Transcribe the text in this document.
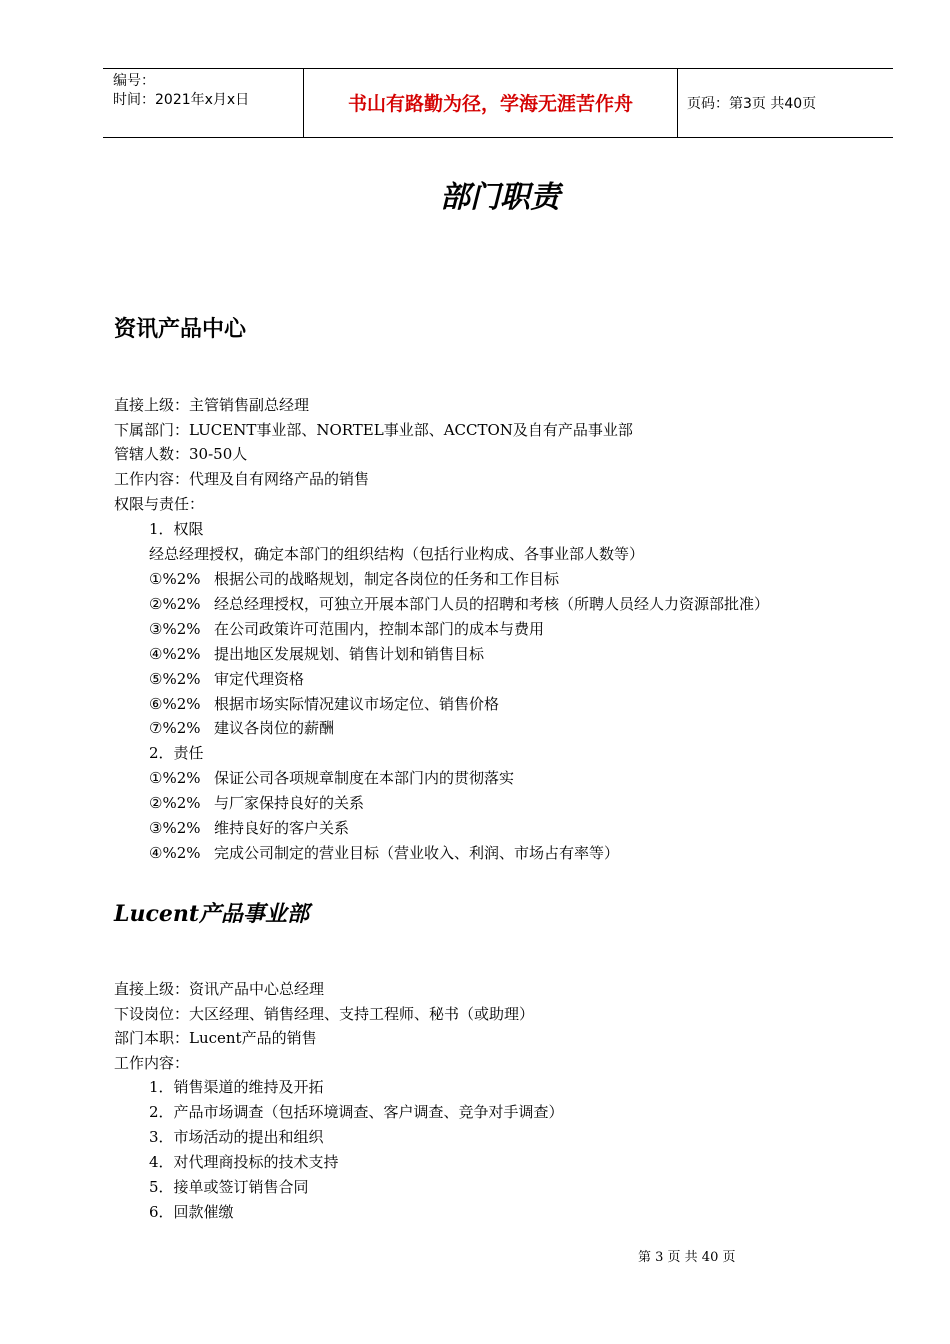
编号：
时间：2021年x月x日	书山有路勤为径，学海无涯苦作舟	页码：第3页 共40页
部门职责
资讯产品中心
直接上级：主管销售副总经理
下属部门：LUCENT事业部、NORTEL事业部、ACCTON及自有产品事业部
管辖人数：30-50人
工作内容：代理及自有网络产品的销售
权限与责任：
1．权限
经总经理授权，确定本部门的组织结构（包括行业构成、各事业部人数等）
①%2% 根据公司的战略规划，制定各岗位的任务和工作目标
②%2% 经总经理授权，可独立开展本部门人员的招聘和考核（所聘人员经人力资源部批准）
③%2% 在公司政策许可范围内，控制本部门的成本与费用
④%2% 提出地区发展规划、销售计划和销售目标
⑤%2% 审定代理资格
⑥%2% 根据市场实际情况建议市场定位、销售价格
⑦%2% 建议各岗位的薪酬
2．责任
①%2% 保证公司各项规章制度在本部门内的贯彻落实
②%2% 与厂家保持良好的关系
③%2% 维持良好的客户关系
④%2% 完成公司制定的营业目标（营业收入、利润、市场占有率等）
Lucent产品事业部
直接上级：资讯产品中心总经理
下设岗位：大区经理、销售经理、支持工程师、秘书（或助理）
部门本职：Lucent产品的销售
工作内容：
1．销售渠道的维持及开拓
2．产品市场调查（包括环境调查、客户调查、竞争对手调查）
3．市场活动的提出和组织
4．对代理商投标的技术支持
5．接单或签订销售合同
6．回款催缴
第 3 页 共 40 页
